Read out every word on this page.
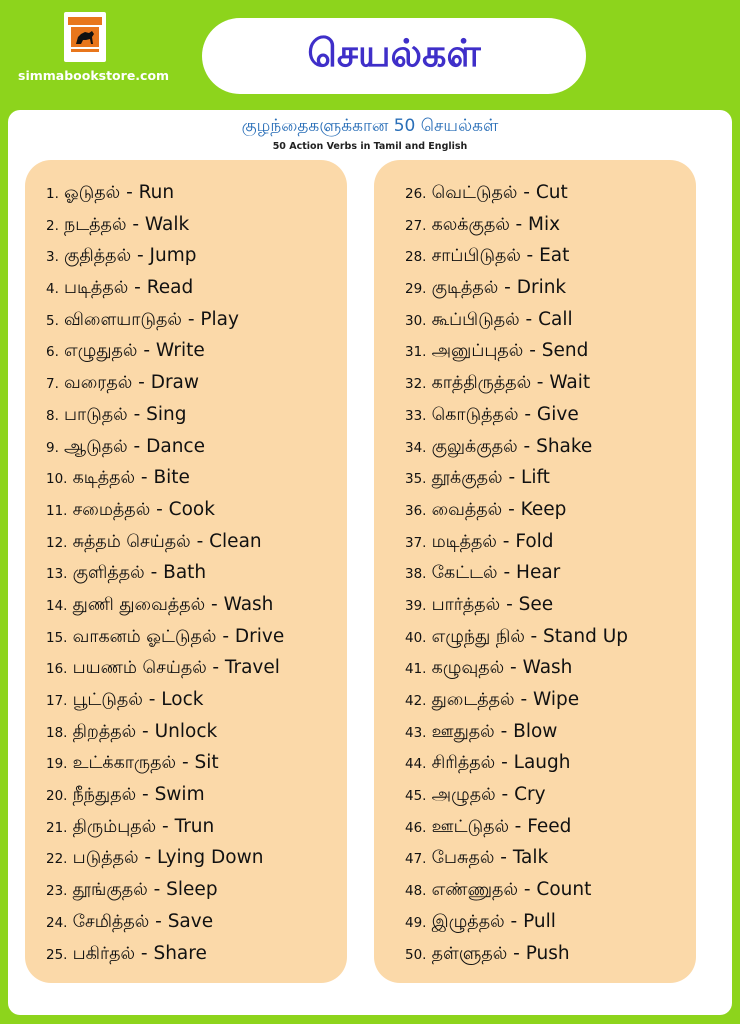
simmabookstore.com
செயல்கள்
குழந்தைகளுக்கான 50 செயல்கள்
50 Action Verbs in Tamil and English
1. ஓடுதல் - Run
2. நடத்தல் - Walk
3. குதித்தல் - Jump
4. படித்தல் - Read
5. விளையாடுதல் - Play
6. எழுதுதல் - Write
7. வரைதல் - Draw
8. பாடுதல் - Sing
9. ஆடுதல் - Dance
10. கடித்தல் - Bite
11. சமைத்தல் - Cook
12. சுத்தம் செய்தல் - Clean
13. குளித்தல் - Bath
14. துணி துவைத்தல் - Wash
15. வாகனம் ஓட்டுதல் - Drive
16. பயணம் செய்தல் - Travel
17. பூட்டுதல் - Lock
18. திறத்தல் - Unlock
19. உட்க்காருதல் - Sit
20. நீந்துதல் - Swim
21. திரும்புதல் - Trun
22. படுத்தல் - Lying Down
23. தூங்குதல் - Sleep
24. சேமித்தல் - Save
25. பகிர்தல் - Share
26. வெட்டுதல் - Cut
27. கலக்குதல் - Mix
28. சாப்பிடுதல் - Eat
29. குடித்தல் - Drink
30. கூப்பிடுதல் - Call
31. அனுப்புதல் - Send
32. காத்திருத்தல் - Wait
33. கொடுத்தல் - Give
34. குலுக்குதல் - Shake
35. தூக்குதல் - Lift
36. வைத்தல் - Keep
37. மடித்தல் - Fold
38. கேட்டல் - Hear
39. பார்த்தல் - See
40. எழுந்து நில் - Stand Up
41. கழுவுதல் - Wash
42. துடைத்தல் - Wipe
43. ஊதுதல் - Blow
44. சிரித்தல் - Laugh
45. அழுதல் - Cry
46. ஊட்டுதல் - Feed
47. பேசுதல் - Talk
48. எண்ணுதல் - Count
49. இழுத்தல் - Pull
50. தள்ளுதல் - Push
